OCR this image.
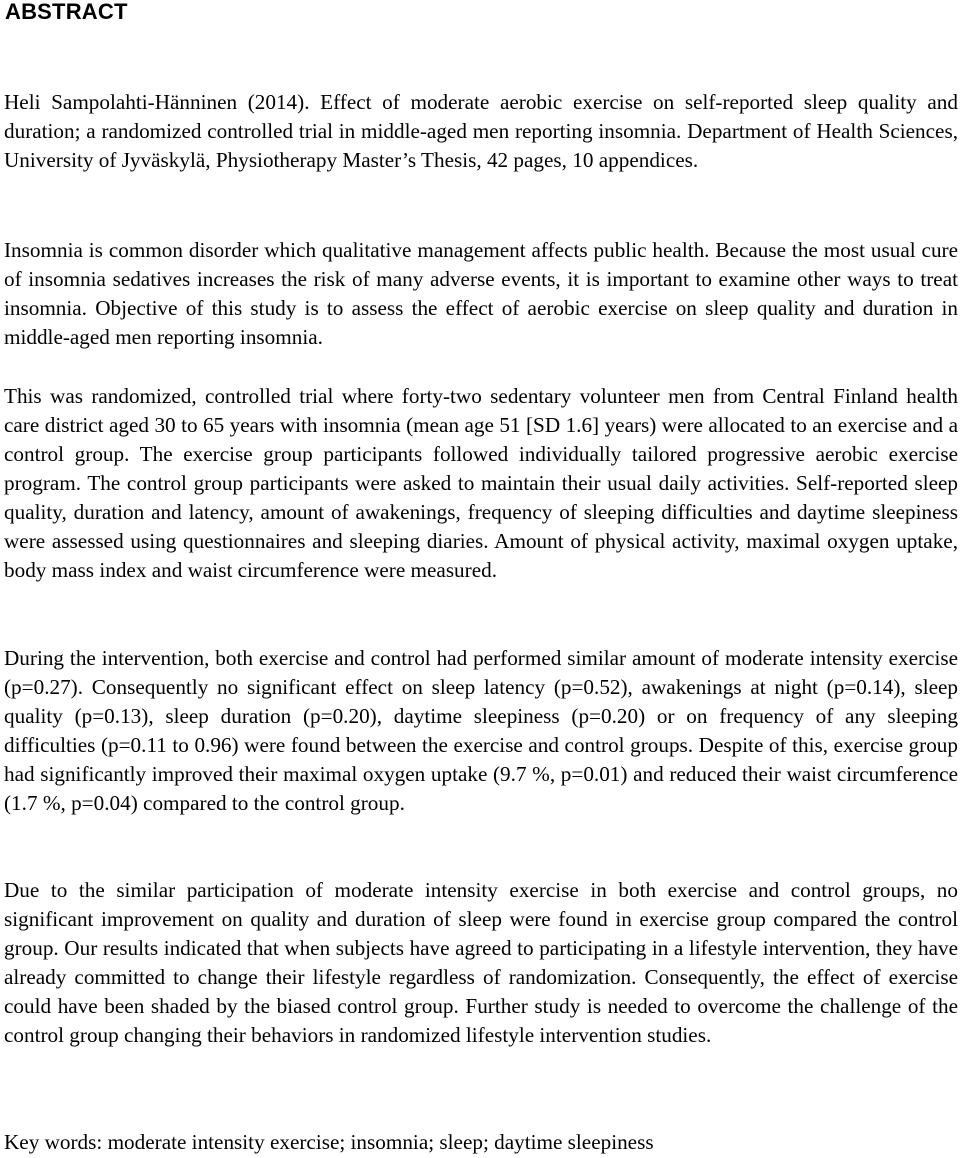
ABSTRACT

Heli Sampolahti-Hänninen (2014). Effect of moderate aerobic exercise on self-reported sleep quality and duration; a randomized controlled trial in middle-aged men reporting insomnia. Department of Health Sciences, University of Jyväskylä, Physiotherapy Master’s Thesis, 42 pages, 10 appendices.

Insomnia is common disorder which qualitative management affects public health. Because the most usual cure of insomnia sedatives increases the risk of many adverse events, it is important to examine other ways to treat insomnia. Objective of this study is to assess the effect of aerobic exercise on sleep quality and duration in middle-aged men reporting insomnia.

This was randomized, controlled trial where forty-two sedentary volunteer men from Central Finland health care district aged 30 to 65 years with insomnia (mean age 51 [SD 1.6] years) were allocated to an exercise and a control group. The exercise group participants followed individually tailored progressive aerobic exercise program. The control group participants were asked to maintain their usual daily activities. Self-reported sleep quality, duration and latency, amount of awakenings, frequency of sleeping difficulties and daytime sleepiness were assessed using questionnaires and sleeping diaries. Amount of physical activity, maximal oxygen uptake, body mass index and waist circumference were measured.

During the intervention, both exercise and control had performed similar amount of moderate intensity exercise (p=0.27). Consequently no significant effect on sleep latency (p=0.52), awakenings at night (p=0.14), sleep quality (p=0.13), sleep duration (p=0.20), daytime sleepiness (p=0.20) or on frequency of any sleeping difficulties (p=0.11 to 0.96) were found between the exercise and control groups. Despite of this, exercise group had significantly improved their maximal oxygen uptake (9.7 %, p=0.01) and reduced their waist circumference (1.7 %, p=0.04) compared to the control group.

Due to the similar participation of moderate intensity exercise in both exercise and control groups, no significant improvement on quality and duration of sleep were found in exercise group compared the control group. Our results indicated that when subjects have agreed to participating in a lifestyle intervention, they have already committed to change their lifestyle regardless of randomization. Consequently, the effect of exercise could have been shaded by the biased control group. Further study is needed to overcome the challenge of the control group changing their behaviors in randomized lifestyle intervention studies.

Key words: moderate intensity exercise; insomnia; sleep; daytime sleepiness
